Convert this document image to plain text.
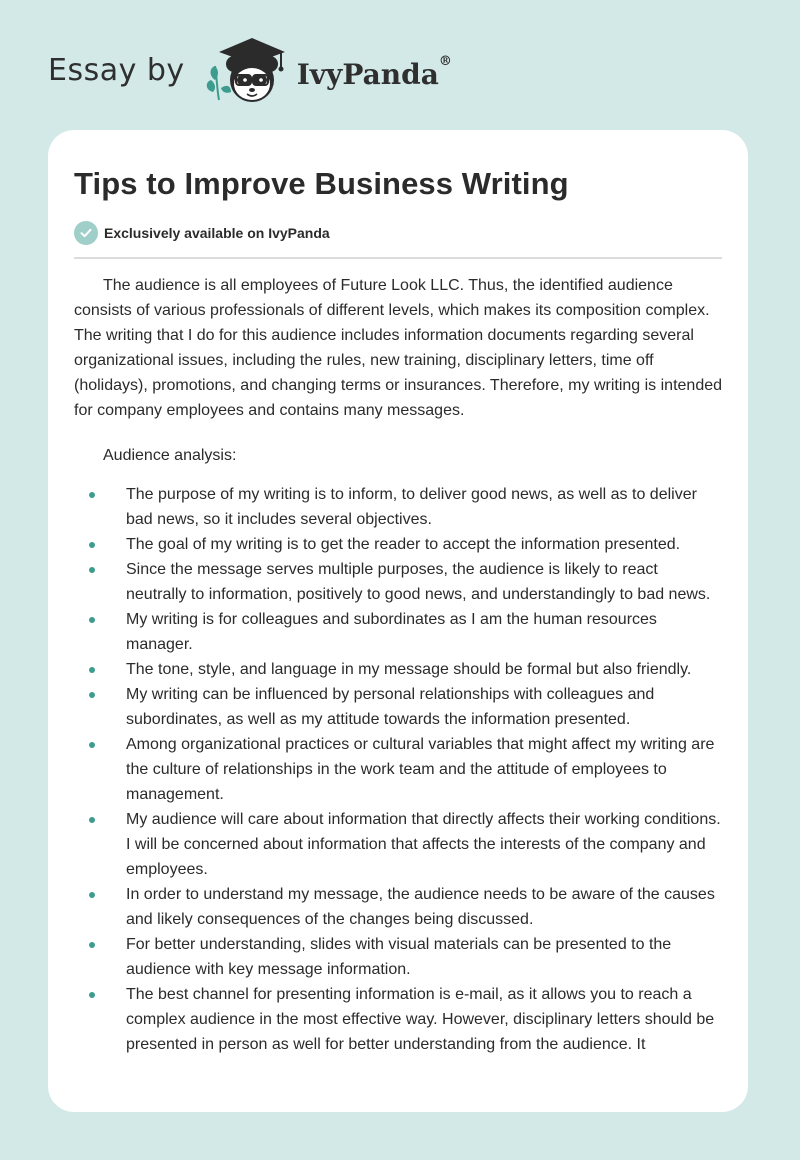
Essay by	IvyPanda®
Tips to Improve Business Writing
Exclusively available on IvyPanda

The audience is all employees of Future Look LLC. Thus, the identified audience consists of various professionals of different levels, which makes its composition complex. The writing that I do for this audience includes information documents regarding several organizational issues, including the rules, new training, disciplinary letters, time off (holidays), promotions, and changing terms or insurances. Therefore, my writing is intended for company employees and contains many messages.

Audience analysis:

The purpose of my writing is to inform, to deliver good news, as well as to deliver bad news, so it includes several objectives.
The goal of my writing is to get the reader to accept the information presented.
Since the message serves multiple purposes, the audience is likely to react neutrally to information, positively to good news, and understandingly to bad news.
My writing is for colleagues and subordinates as I am the human resources manager.
The tone, style, and language in my message should be formal but also friendly.
My writing can be influenced by personal relationships with colleagues and subordinates, as well as my attitude towards the information presented.
Among organizational practices or cultural variables that might affect my writing are the culture of relationships in the work team and the attitude of employees to management.
My audience will care about information that directly affects their working conditions. I will be concerned about information that affects the interests of the company and employees.
In order to understand my message, the audience needs to be aware of the causes and likely consequences of the changes being discussed.
For better understanding, slides with visual materials can be presented to the audience with key message information.
The best channel for presenting information is e-mail, as it allows you to reach a complex audience in the most effective way. However, disciplinary letters should be presented in person as well for better understanding from the audience. It
